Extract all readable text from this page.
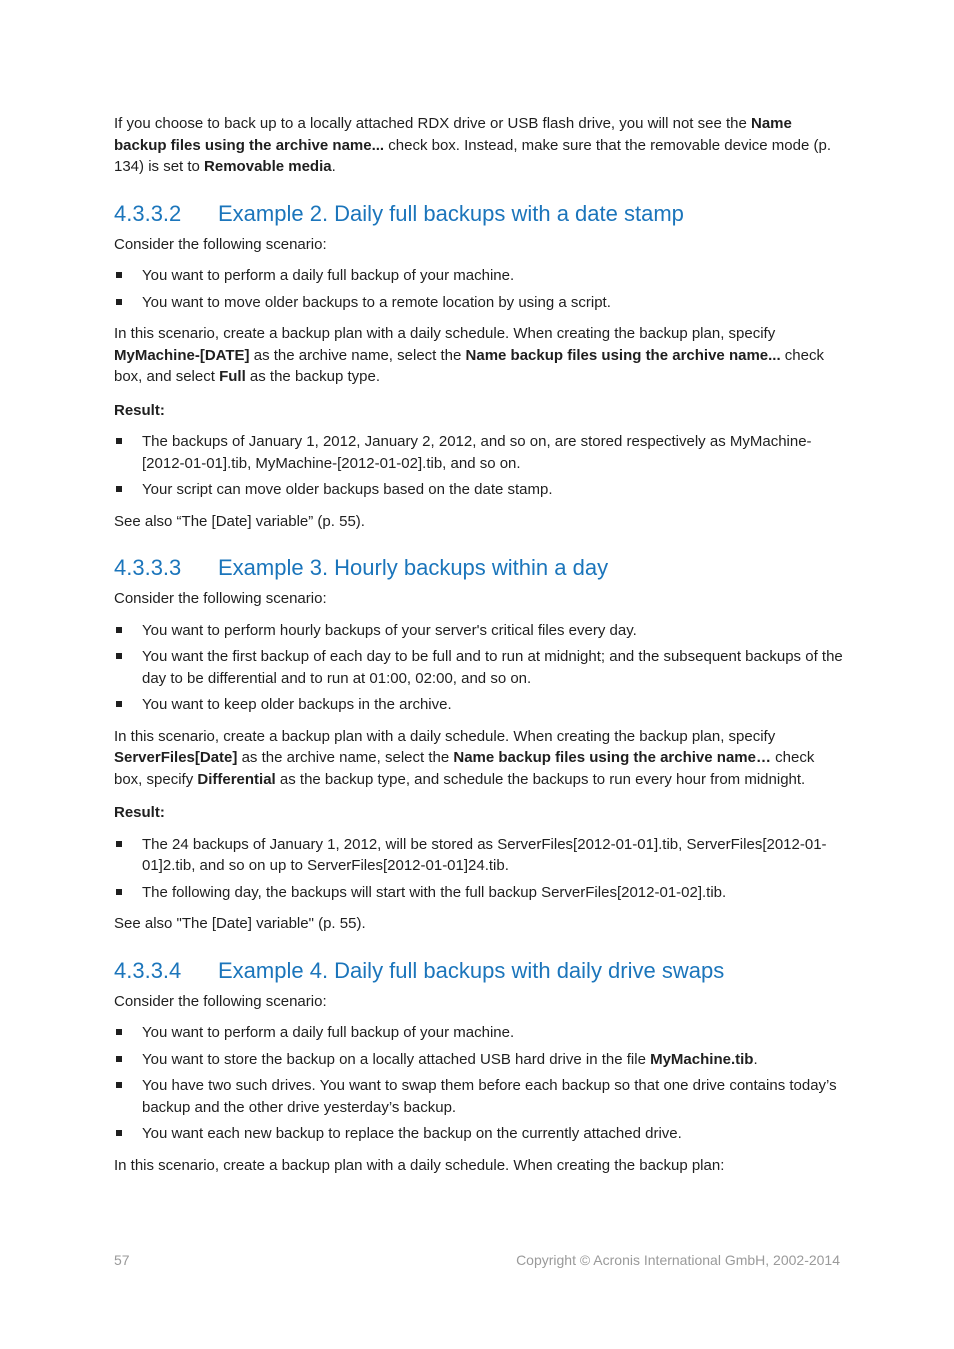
If you choose to back up to a locally attached RDX drive or USB flash drive, you will not see the Name backup files using the archive name... check box. Instead, make sure that the removable device mode (p. 134) is set to Removable media.

4.3.3.2 Example 2. Daily full backups with a date stamp

Consider the following scenario:

You want to perform a daily full backup of your machine.
You want to move older backups to a remote location by using a script.

In this scenario, create a backup plan with a daily schedule. When creating the backup plan, specify MyMachine-[DATE] as the archive name, select the Name backup files using the archive name... check box, and select Full as the backup type.

Result:

The backups of January 1, 2012, January 2, 2012, and so on, are stored respectively as MyMachine-[2012-01-01].tib, MyMachine-[2012-01-02].tib, and so on.
Your script can move older backups based on the date stamp.

See also “The [Date] variable” (p. 55).

4.3.3.3 Example 3. Hourly backups within a day

Consider the following scenario:

You want to perform hourly backups of your server's critical files every day.
You want the first backup of each day to be full and to run at midnight; and the subsequent backups of the day to be differential and to run at 01:00, 02:00, and so on.
You want to keep older backups in the archive.

In this scenario, create a backup plan with a daily schedule. When creating the backup plan, specify ServerFiles[Date] as the archive name, select the Name backup files using the archive name… check box, specify Differential as the backup type, and schedule the backups to run every hour from midnight.

Result:

The 24 backups of January 1, 2012, will be stored as ServerFiles[2012-01-01].tib, ServerFiles[2012-01-01]2.tib, and so on up to ServerFiles[2012-01-01]24.tib.
The following day, the backups will start with the full backup ServerFiles[2012-01-02].tib.

See also "The [Date] variable" (p. 55).

4.3.3.4 Example 4. Daily full backups with daily drive swaps

Consider the following scenario:

You want to perform a daily full backup of your machine.
You want to store the backup on a locally attached USB hard drive in the file MyMachine.tib.
You have two such drives. You want to swap them before each backup so that one drive contains today’s backup and the other drive yesterday’s backup.
You want each new backup to replace the backup on the currently attached drive.

In this scenario, create a backup plan with a daily schedule. When creating the backup plan:

57	Copyright © Acronis International GmbH, 2002-2014
